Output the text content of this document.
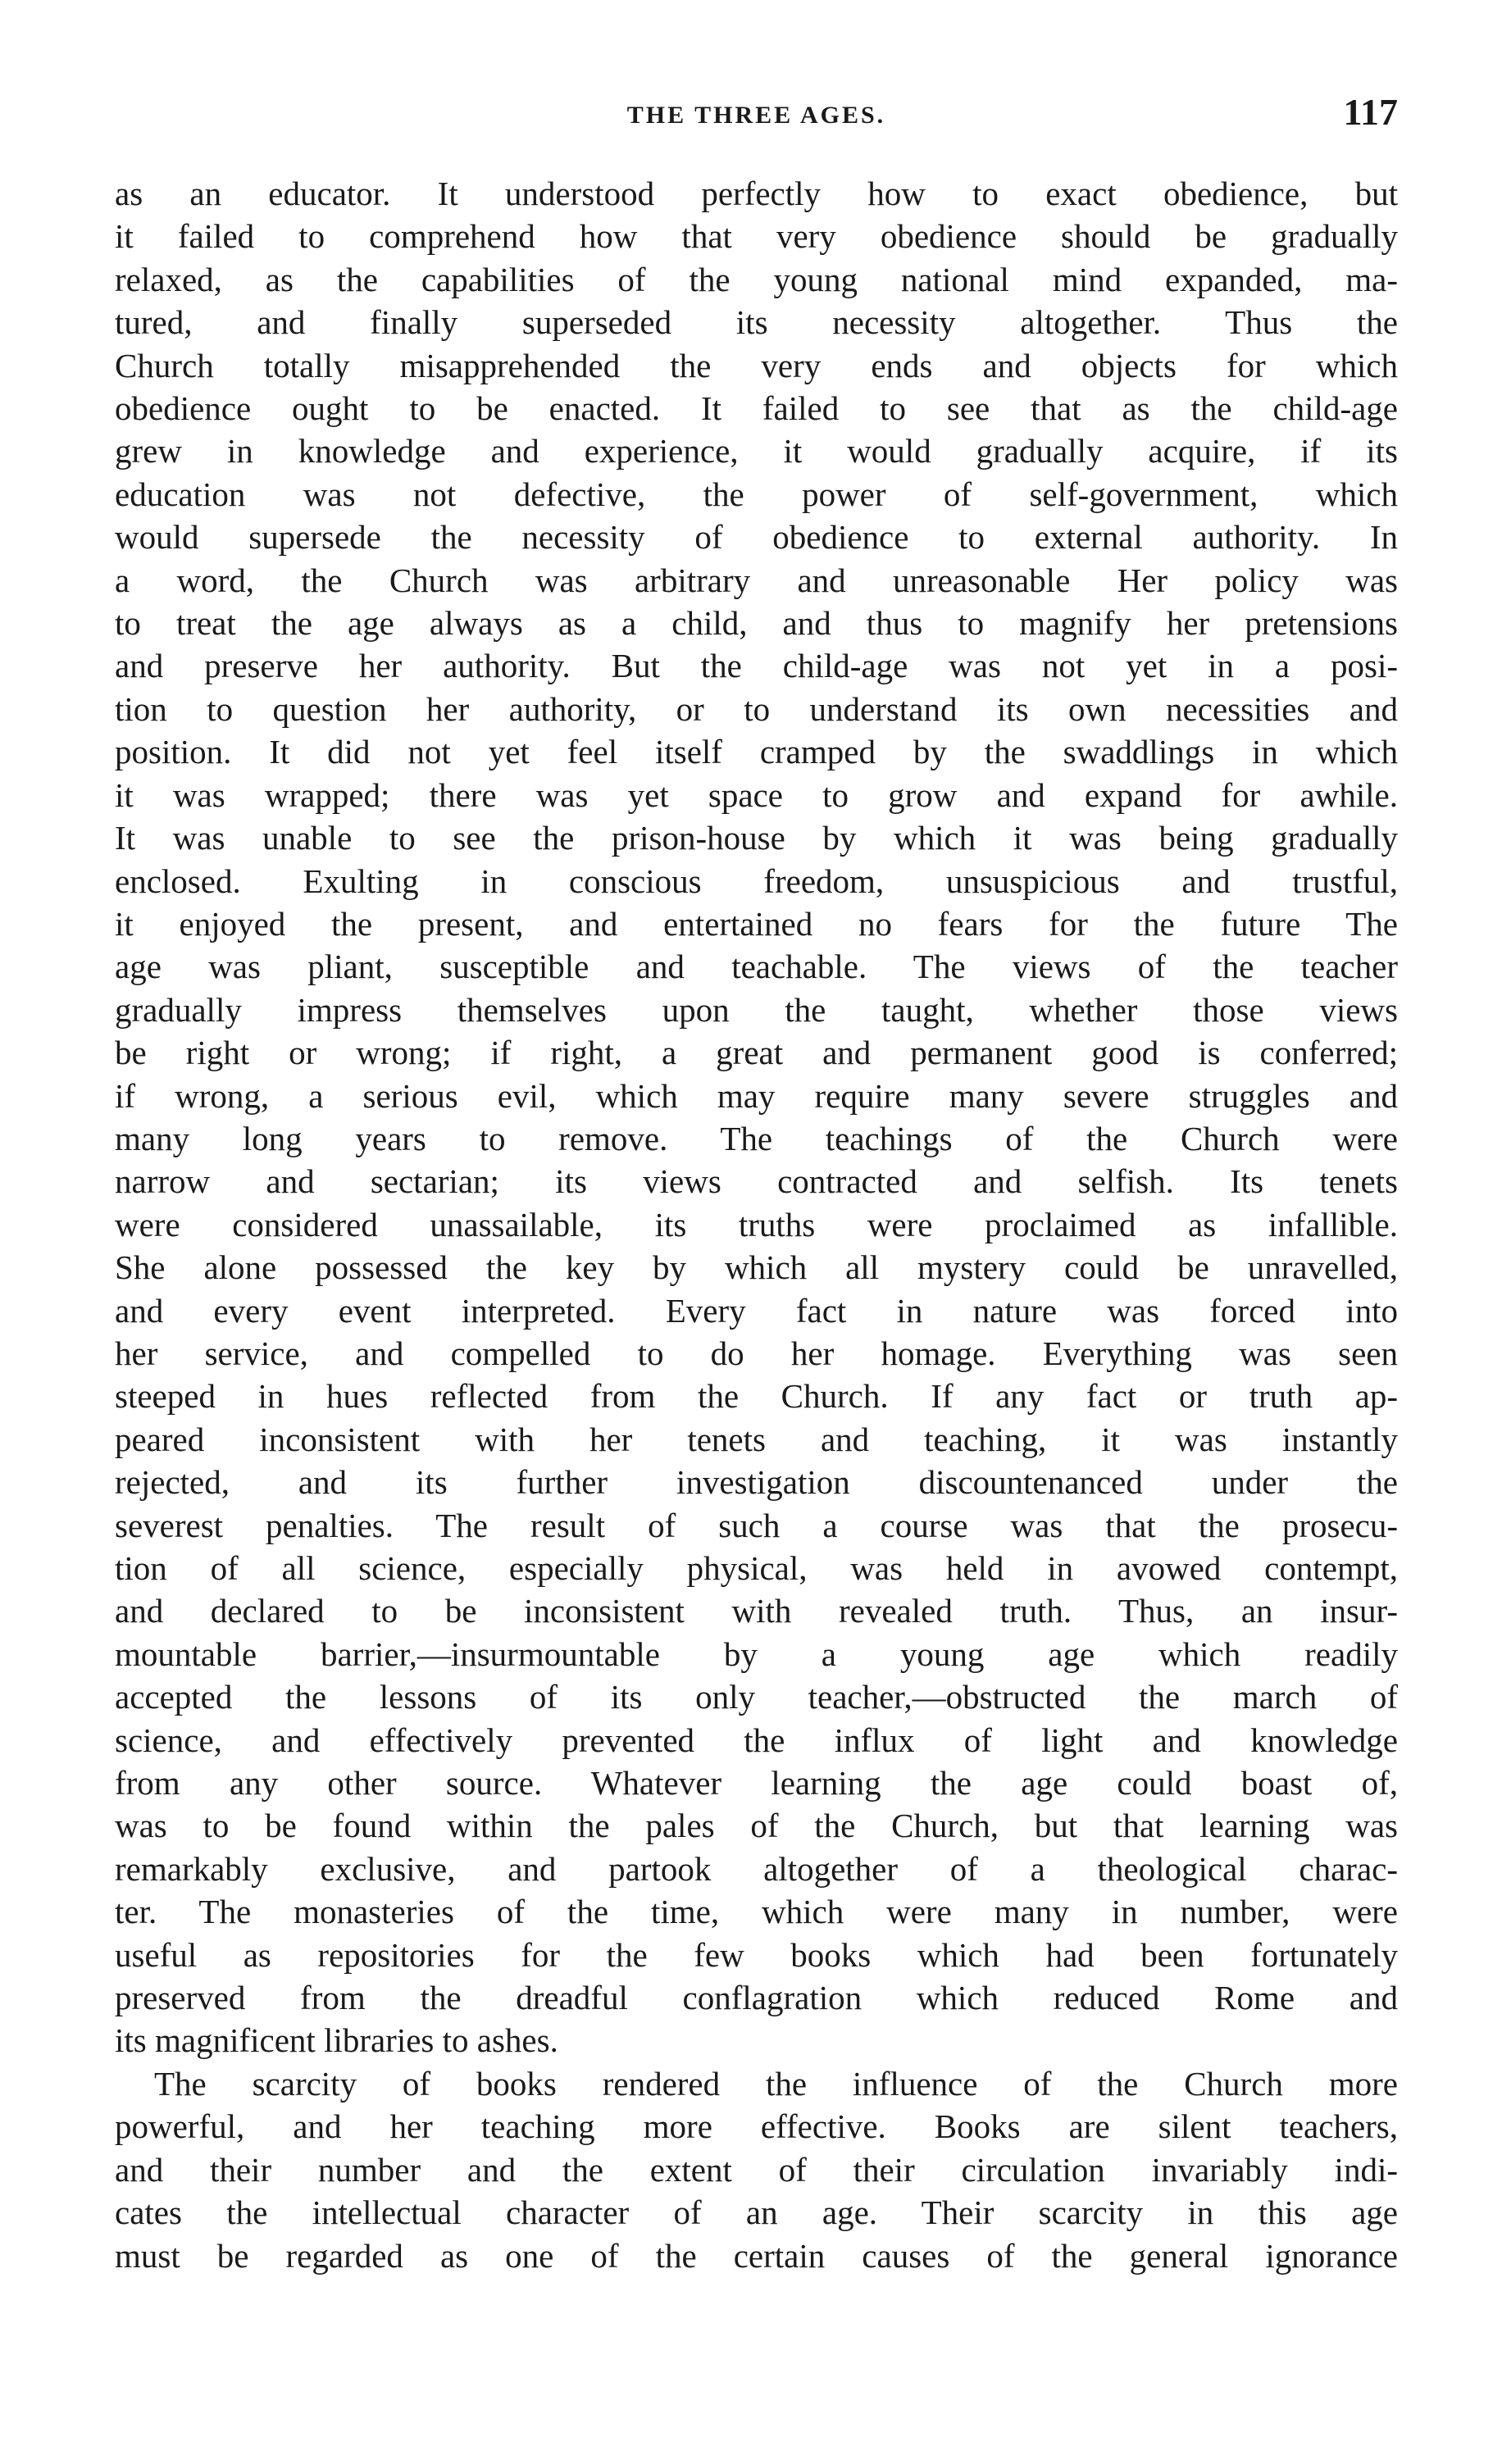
THE THREE AGES.	117

as an educator. It understood perfectly how to exact obedience, but

it failed to comprehend how that very obedience should be gradually

relaxed, as the capabilities of the young national mind expanded, ma-

tured, and finally superseded its necessity altogether. Thus the

Church totally misapprehended the very ends and objects for which

obedience ought to be enacted. It failed to see that as the child-age

grew in knowledge and experience, it would gradually acquire, if its

education was not defective, the power of self-government, which

would supersede the necessity of obedience to external authority. In

a word, the Church was arbitrary and unreasonable Her policy was

to treat the age always as a child, and thus to magnify her pretensions

and preserve her authority. But the child-age was not yet in a posi-

tion to question her authority, or to understand its own necessities and

position. It did not yet feel itself cramped by the swaddlings in which

it was wrapped; there was yet space to grow and expand for awhile.

It was unable to see the prison-house by which it was being gradually

enclosed. Exulting in conscious freedom, unsuspicious and trustful,

it enjoyed the present, and entertained no fears for the future The

age was pliant, susceptible and teachable. The views of the teacher

gradually impress themselves upon the taught, whether those views

be right or wrong; if right, a great and permanent good is conferred;

if wrong, a serious evil, which may require many severe struggles and

many long years to remove. The teachings of the Church were

narrow and sectarian; its views contracted and selfish. Its tenets

were considered unassailable, its truths were proclaimed as infallible.

She alone possessed the key by which all mystery could be unravelled,

and every event interpreted. Every fact in nature was forced into

her service, and compelled to do her homage. Everything was seen

steeped in hues reflected from the Church. If any fact or truth ap-

peared inconsistent with her tenets and teaching, it was instantly

rejected, and its further investigation discountenanced under the

severest penalties. The result of such a course was that the prosecu-

tion of all science, especially physical, was held in avowed contempt,

and declared to be inconsistent with revealed truth. Thus, an insur-

mountable barrier,—insurmountable by a young age which readily

accepted the lessons of its only teacher,—obstructed the march of

science, and effectively prevented the influx of light and knowledge

from any other source. Whatever learning the age could boast of,

was to be found within the pales of the Church, but that learning was

remarkably exclusive, and partook altogether of a theological charac-

ter. The monasteries of the time, which were many in number, were

useful as repositories for the few books which had been fortunately

preserved from the dreadful conflagration which reduced Rome and

its magnificent libraries to ashes.

The scarcity of books rendered the influence of the Church more

powerful, and her teaching more effective. Books are silent teachers,

and their number and the extent of their circulation invariably indi-

cates the intellectual character of an age. Their scarcity in this age

must be regarded as one of the certain causes of the general ignorance
